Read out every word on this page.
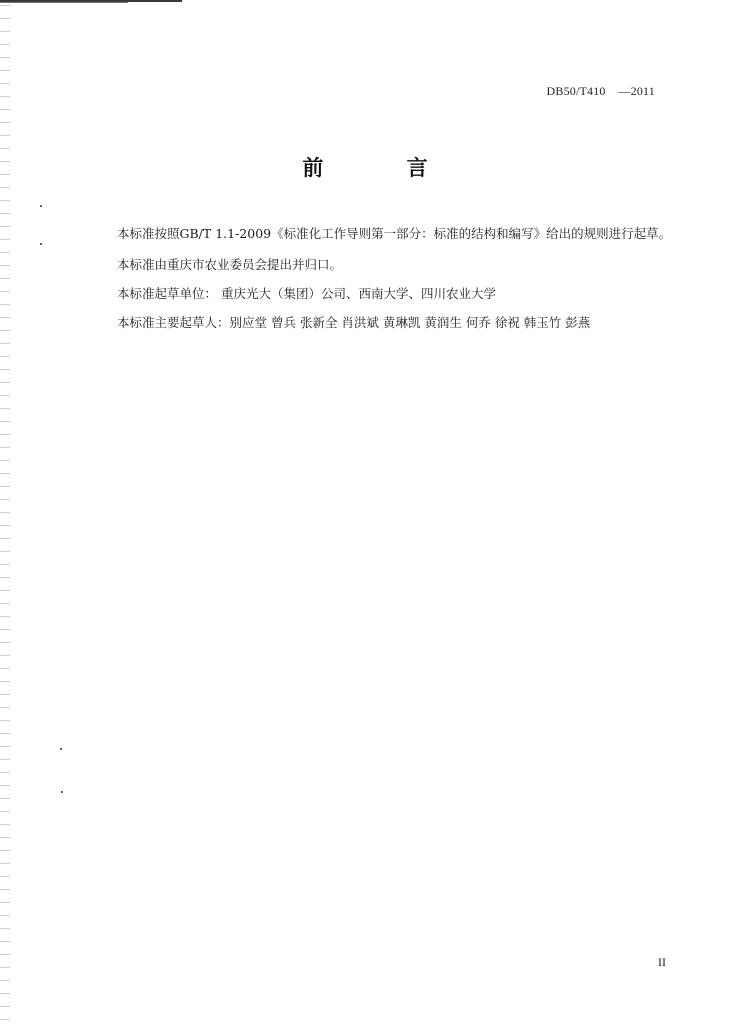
DB50/T410    —2011
前 言
本标准按照GB/T 1.1-2009《标准化工作导则第一部分：标准的结构和编写》给出的规则进行起草。
本标准由重庆市农业委员会提出并归口。
本标准起草单位： 重庆光大（集团）公司、西南大学、四川农业大学
本标准主要起草人：别应堂 曾兵 张新全 肖洪斌 黄琳凯 黄润生 何乔 徐祝 韩玉竹 彭燕
II
